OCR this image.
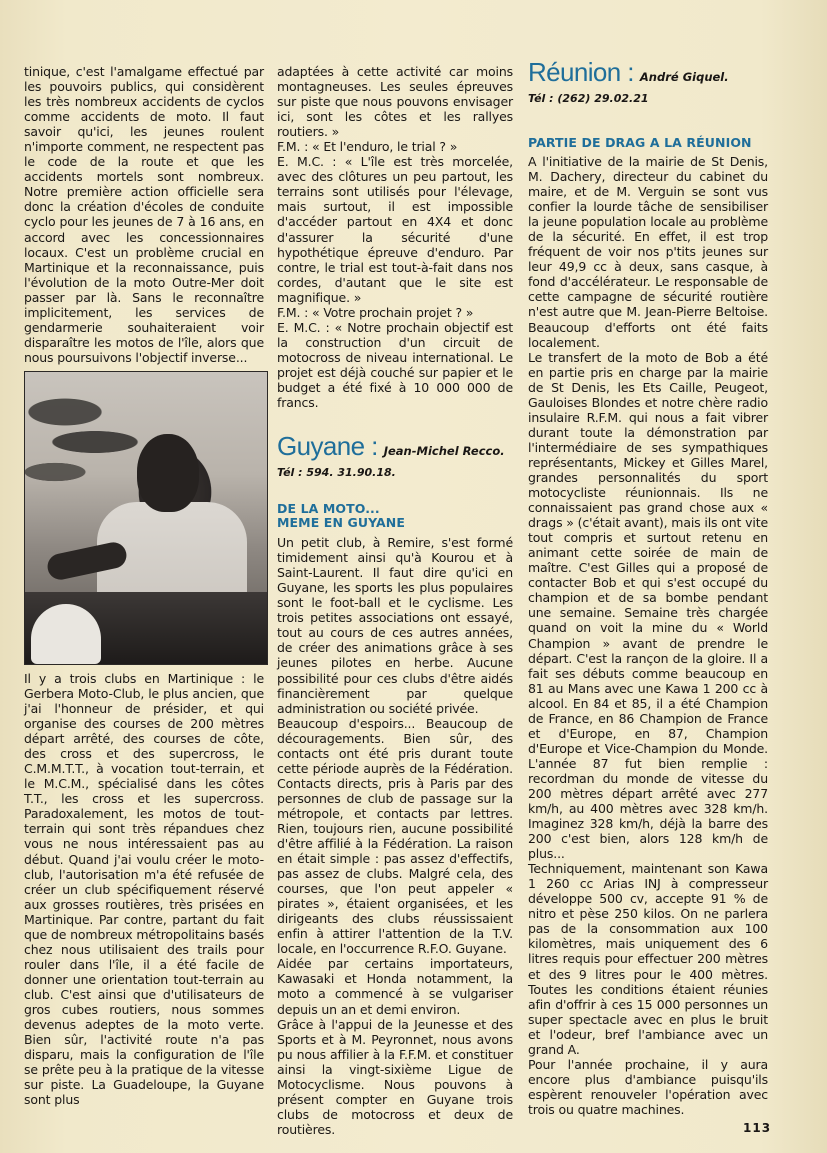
tinique, c'est l'amalgame effectué par les pouvoirs publics, qui considèrent les très nombreux accidents de cyclos comme accidents de moto. Il faut savoir qu'ici, les jeunes roulent n'importe comment, ne respectent pas le code de la route et que les accidents mortels sont nombreux. Notre première action officielle sera donc la création d'écoles de conduite cyclo pour les jeunes de 7 à 16 ans, en accord avec les concessionnaires locaux. C'est un problème crucial en Martinique et la reconnaissance, puis l'évolution de la moto Outre-Mer doit passer par là. Sans le reconnaître implicitement, les services de gendarmerie souhaiteraient voir disparaître les motos de l'île, alors que nous poursuivons l'objectif inverse...

Il y a trois clubs en Martinique : le Gerbera Moto-Club, le plus ancien, que j'ai l'honneur de présider, et qui organise des courses de 200 mètres départ arrêté, des courses de côte, des cross et des supercross, le C.M.M.T.T., à vocation tout-terrain, et le M.C.M., spécialisé dans les côtes T.T., les cross et les supercross. Paradoxalement, les motos de tout-terrain qui sont très répandues chez vous ne nous intéressaient pas au début. Quand j'ai voulu créer le moto-club, l'autorisation m'a été refusée de créer un club spécifiquement réservé aux grosses routières, très prisées en Martinique. Par contre, partant du fait que de nombreux métropolitains basés chez nous utilisaient des trails pour rouler dans l'île, il a été facile de donner une orientation tout-terrain au club. C'est ainsi que d'utilisateurs de gros cubes routiers, nous sommes devenus adeptes de la moto verte. Bien sûr, l'activité route n'a pas disparu, mais la configuration de l'île se prête peu à la pratique de la vitesse sur piste. La Guadeloupe, la Guyane sont plus

adaptées à cette activité car moins montagneuses. Les seules épreuves sur piste que nous pouvons envisager ici, sont les côtes et les rallyes routiers. »

F.M. : « Et l'enduro, le trial ? »

E. M.C. : « L'île est très morcelée, avec des clôtures un peu partout, les terrains sont utilisés pour l'élevage, mais surtout, il est impossible d'accéder partout en 4X4 et donc d'assurer la sécurité d'une hypothétique épreuve d'enduro. Par contre, le trial est tout-à-fait dans nos cordes, d'autant que le site est magnifique. »

F.M. : « Votre prochain projet ? »

E. M.C. : « Notre prochain objectif est la construction d'un circuit de motocross de niveau international. Le projet est déjà couché sur papier et le budget a été fixé à 10 000 000 de francs.

Guyane : Jean-Michel Recco.

Tél : 594. 31.90.18.

DE LA MOTO...

MEME EN GUYANE

Un petit club, à Remire, s'est formé timidement ainsi qu'à Kourou et à Saint-Laurent. Il faut dire qu'ici en Guyane, les sports les plus populaires sont le foot-ball et le cyclisme. Les trois petites associations ont essayé, tout au cours de ces autres années, de créer des animations grâce à ses jeunes pilotes en herbe. Aucune possibilité pour ces clubs d'être aidés financièrement par quelque administration ou société privée.

Beaucoup d'espoirs... Beaucoup de découragements. Bien sûr, des contacts ont été pris durant toute cette période auprès de la Fédération. Contacts directs, pris à Paris par des personnes de club de passage sur la métropole, et contacts par lettres. Rien, toujours rien, aucune possibilité d'être affilié à la Fédération. La raison en était simple : pas assez d'effectifs, pas assez de clubs. Malgré cela, des courses, que l'on peut appeler « pirates », étaient organisées, et les dirigeants des clubs réussissaient enfin à attirer l'attention de la T.V. locale, en l'occurrence R.F.O. Guyane.

Aidée par certains importateurs, Kawasaki et Honda notamment, la moto a commencé à se vulgariser depuis un an et demi environ.

Grâce à l'appui de la Jeunesse et des Sports et à M. Peyronnet, nous avons pu nous affilier à la F.F.M. et constituer ainsi la vingt-sixième Ligue de Motocyclisme. Nous pouvons à présent compter en Guyane trois clubs de motocross et deux de routières.

Réunion : André Giquel.

Tél : (262) 29.02.21

PARTIE DE DRAG A LA RÉUNION

A l'initiative de la mairie de St Denis, M. Dachery, directeur du cabinet du maire, et de M. Verguin se sont vus confier la lourde tâche de sensibiliser la jeune population locale au problème de la sécurité. En effet, il est trop fréquent de voir nos p'tits jeunes sur leur 49,9 cc à deux, sans casque, à fond d'accélérateur. Le responsable de cette campagne de sécurité routière n'est autre que M. Jean-Pierre Beltoise. Beaucoup d'efforts ont été faits localement.

Le transfert de la moto de Bob a été en partie pris en charge par la mairie de St Denis, les Ets Caille, Peugeot, Gauloises Blondes et notre chère radio insulaire R.F.M. qui nous a fait vibrer durant toute la démonstration par l'intermédiaire de ses sympathiques représentants, Mickey et Gilles Marel, grandes personnalités du sport motocycliste réunionnais. Ils ne connaissaient pas grand chose aux « drags » (c'était avant), mais ils ont vite tout compris et surtout retenu en animant cette soirée de main de maître. C'est Gilles qui a proposé de contacter Bob et qui s'est occupé du champion et de sa bombe pendant une semaine. Semaine très chargée quand on voit la mine du « World Champion » avant de prendre le départ. C'est la rançon de la gloire. Il a fait ses débuts comme beaucoup en 81 au Mans avec une Kawa 1 200 cc à alcool. En 84 et 85, il a été Champion de France, en 86 Champion de France et d'Europe, en 87, Champion d'Europe et Vice-Champion du Monde. L'année 87 fut bien remplie : recordman du monde de vitesse du 200 mètres départ arrêté avec 277 km/h, au 400 mètres avec 328 km/h. Imaginez 328 km/h, déjà la barre des 200 c'est bien, alors 128 km/h de plus...

Techniquement, maintenant son Kawa 1 260 cc Arias INJ à compresseur développe 500 cv, accepte 91 % de nitro et pèse 250 kilos. On ne parlera pas de la consommation aux 100 kilomètres, mais uniquement des 6 litres requis pour effectuer 200 mètres et des 9 litres pour le 400 mètres. Toutes les conditions étaient réunies afin d'offrir à ces 15 000 personnes un super spectacle avec en plus le bruit et l'odeur, bref l'ambiance avec un grand A.

Pour l'année prochaine, il y aura encore plus d'ambiance puisqu'ils espèrent renouveler l'opération avec trois ou quatre machines.

113
